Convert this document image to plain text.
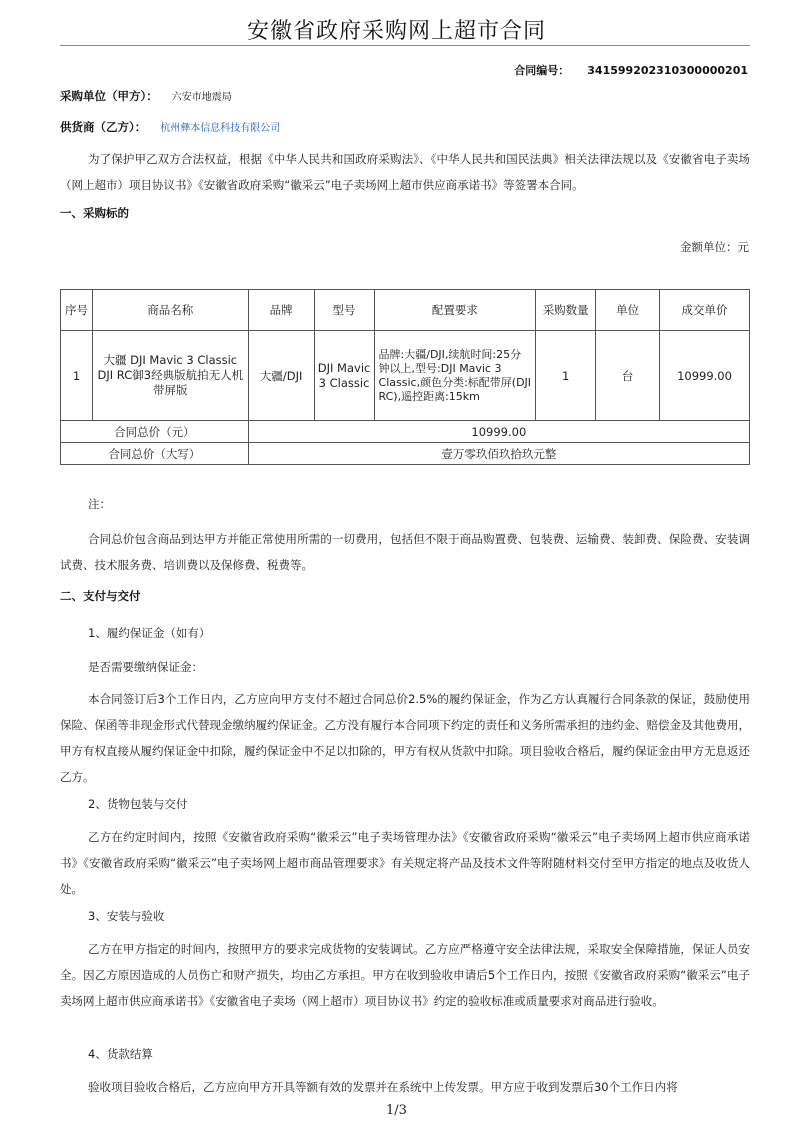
安徽省政府采购网上超市合同
合同编号： 341599202310300000201
采购单位（甲方）： 六安市地震局
供货商（乙方）： 杭州彝本信息科技有限公司
为了保护甲乙双方合法权益，根据《中华人民共和国政府采购法》、《中华人民共和国民法典》相关法律法规以及《安徽省电子卖场（网上超市）项目协议书》《安徽省政府采购“徽采云”电子卖场网上超市供应商承诺书》等签署本合同。
一、采购标的
金额单位：元
序号	商品名称	品牌	型号	配置要求	采购数量	单位	成交单价
1	大疆 DJI Mavic 3 Classic DJI RC御3经典版航拍无人机 带屏版	大疆/DJI	DJI Mavic 3 Classic	品牌:大疆/DJI,续航时间:25分钟以上,型号:DJI Mavic 3 Classic,颜色分类:标配带屏(DJI RC),遥控距离:15km	1	台	10999.00
合同总价（元）		10999.00					
合同总价（大写）		壹万零玖佰玖拾玖元整					
注：
合同总价包含商品到达甲方并能正常使用所需的一切费用，包括但不限于商品购置费、包装费、运输费、装卸费、保险费、安装调试费、技术服务费、培训费以及保修费、税费等。
二、支付与交付
1、履约保证金（如有）
是否需要缴纳保证金：
本合同签订后3个工作日内，乙方应向甲方支付不超过合同总价2.5%的履约保证金，作为乙方认真履行合同条款的保证，鼓励使用保险、保函等非现金形式代替现金缴纳履约保证金。乙方没有履行本合同项下约定的责任和义务所需承担的违约金、赔偿金及其他费用，甲方有权直接从履约保证金中扣除，履约保证金中不足以扣除的，甲方有权从货款中扣除。项目验收合格后，履约保证金由甲方无息返还乙方。
2、货物包装与交付
乙方在约定时间内，按照《安徽省政府采购“徽采云”电子卖场管理办法》《安徽省政府采购“徽采云”电子卖场网上超市供应商承诺书》《安徽省政府采购“徽采云”电子卖场网上超市商品管理要求》有关规定将产品及技术文件等附随材料交付至甲方指定的地点及收货人处。
3、安装与验收
乙方在甲方指定的时间内，按照甲方的要求完成货物的安装调试。乙方应严格遵守安全法律法规，采取安全保障措施，保证人员安全。因乙方原因造成的人员伤亡和财产损失，均由乙方承担。甲方在收到验收申请后5个工作日内，按照《安徽省政府采购“徽采云”电子卖场网上超市供应商承诺书》《安徽省电子卖场（网上超市）项目协议书》约定的验收标准或质量要求对商品进行验收。
4、货款结算
验收项目验收合格后，乙方应向甲方开具等额有效的发票并在系统中上传发票。甲方应于收到发票后30个工作日内将
1/3
